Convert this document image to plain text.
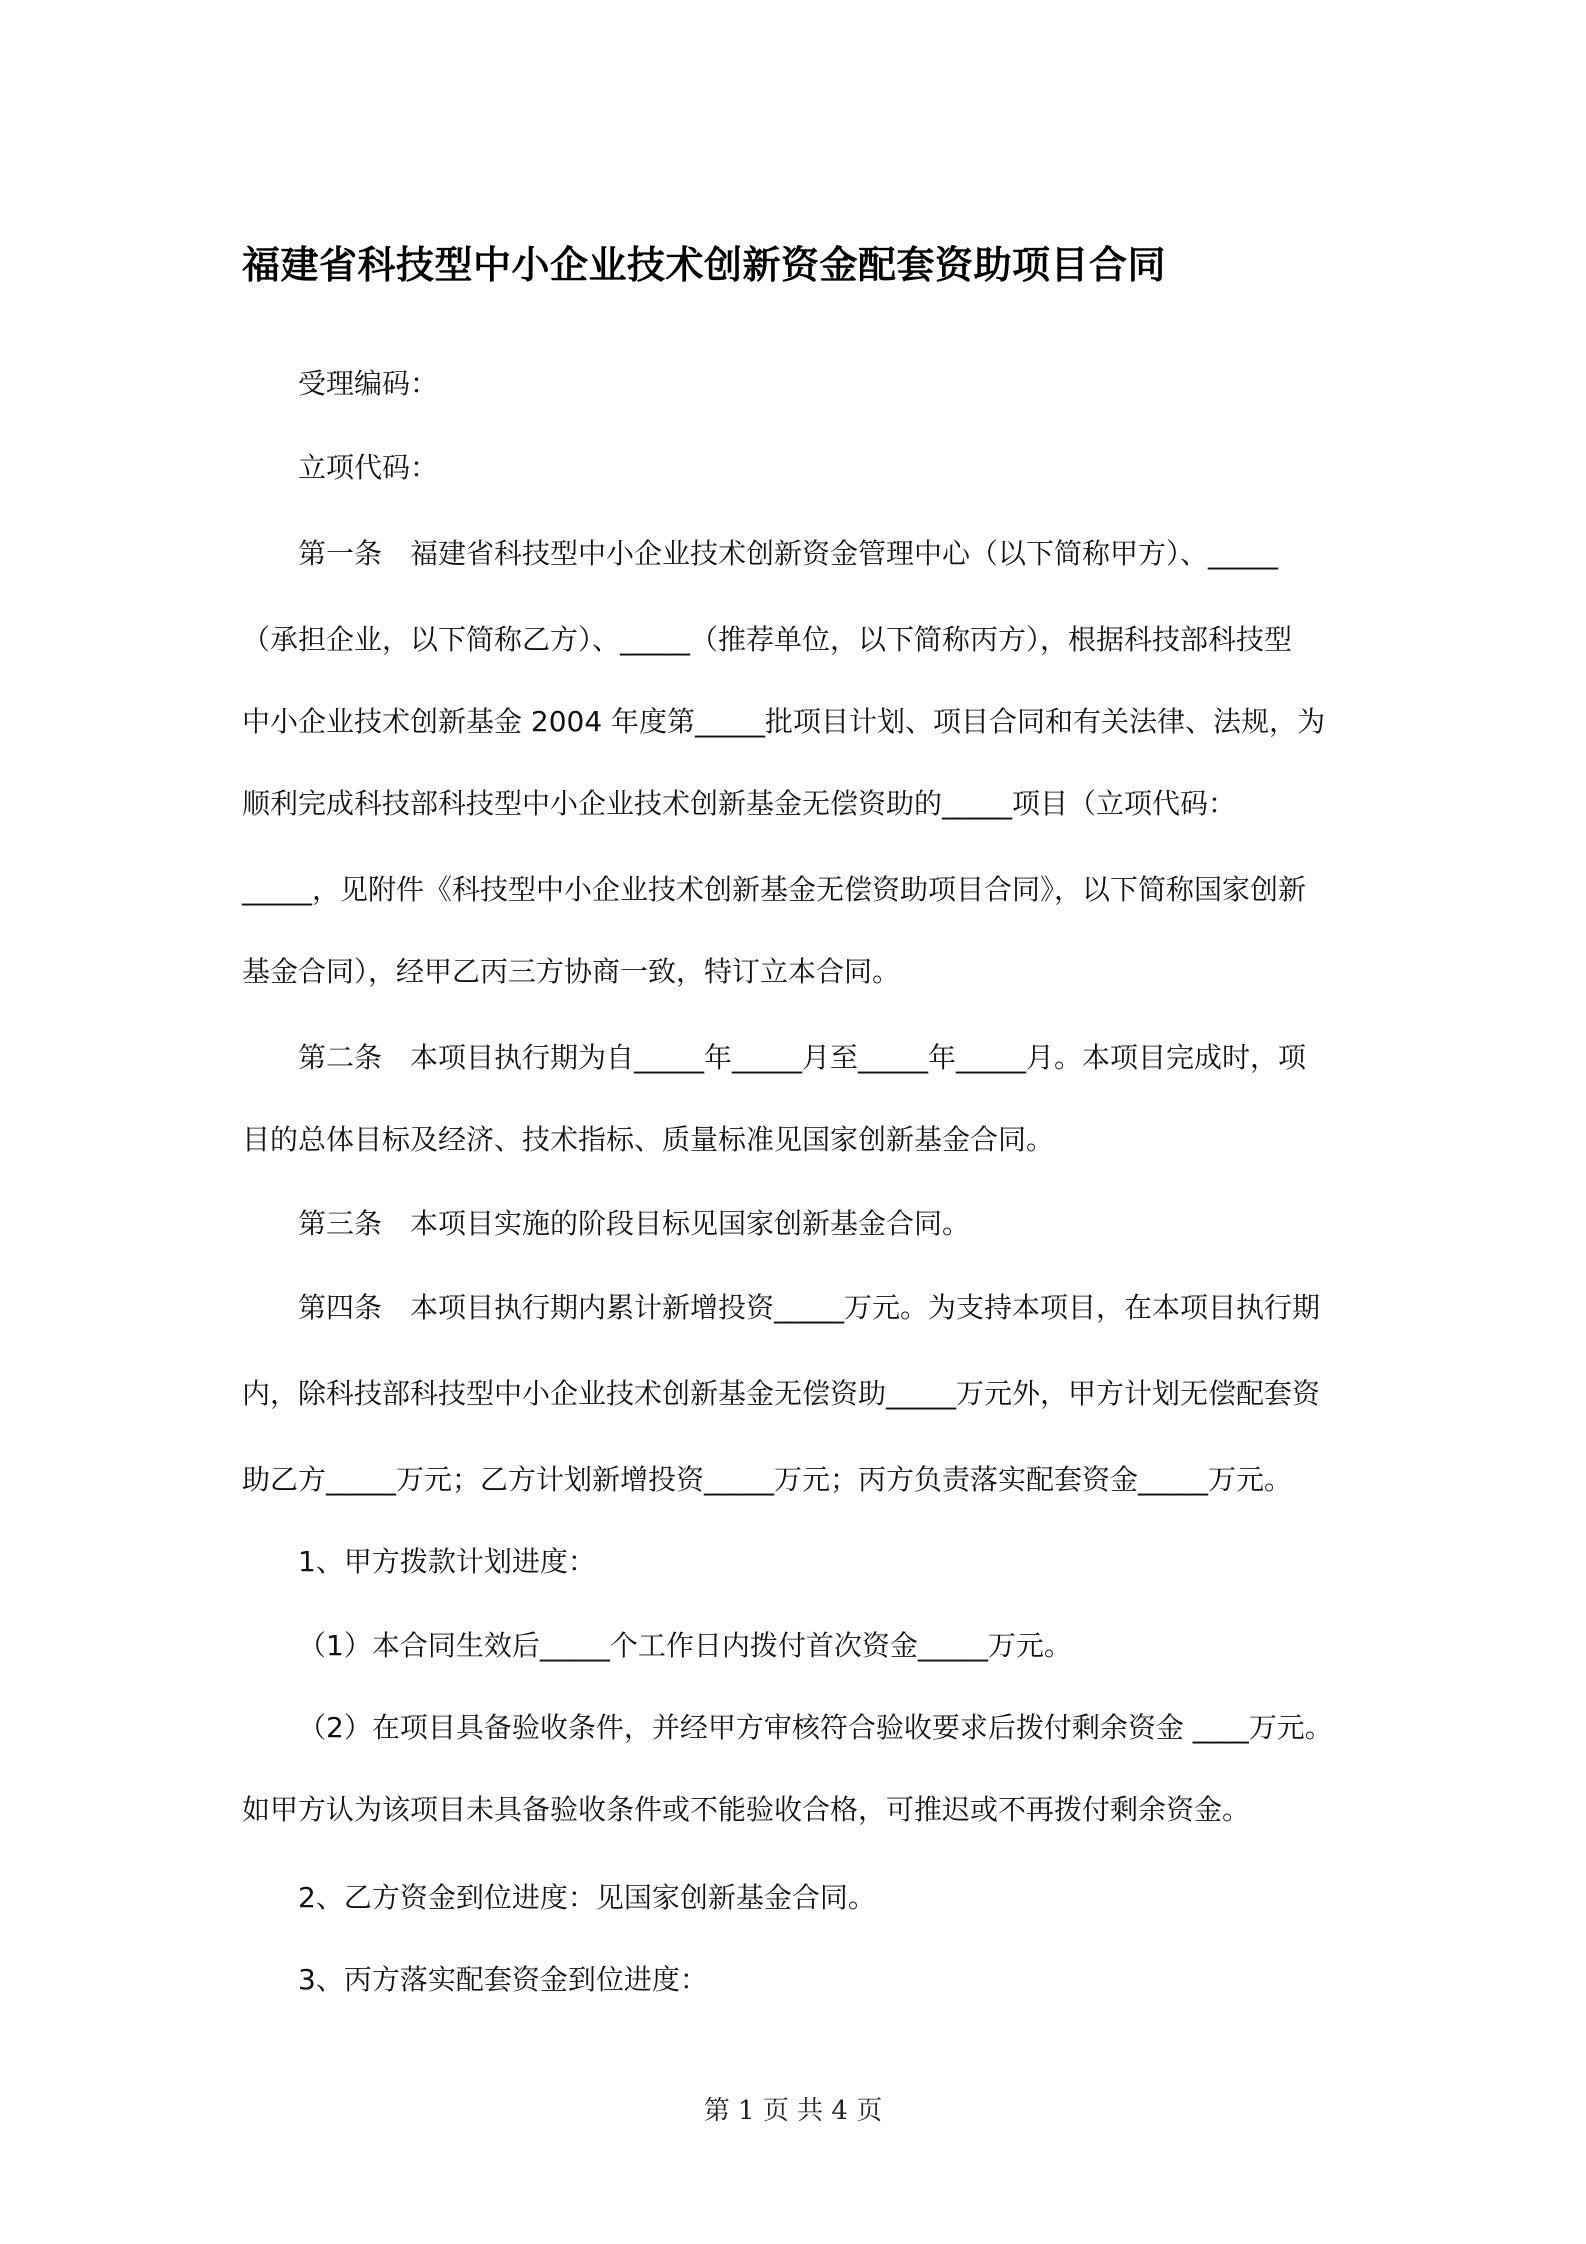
福建省科技型中小企业技术创新资金配套资助项目合同

受理编码：

立项代码：

第一条　福建省科技型中小企业技术创新资金管理中心（以下简称甲方）、_____

（承担企业，以下简称乙方）、_____（推荐单位，以下简称丙方），根据科技部科技型

中小企业技术创新基金 2004 年度第_____批项目计划、项目合同和有关法律、法规，为

顺利完成科技部科技型中小企业技术创新基金无偿资助的_____项目（立项代码：

_____，见附件《科技型中小企业技术创新基金无偿资助项目合同》，以下简称国家创新

基金合同），经甲乙丙三方协商一致，特订立本合同。

第二条　本项目执行期为自_____年_____月至_____年_____月。本项目完成时，项

目的总体目标及经济、技术指标、质量标准见国家创新基金合同。

第三条　本项目实施的阶段目标见国家创新基金合同。

第四条　本项目执行期内累计新增投资_____万元。为支持本项目，在本项目执行期

内，除科技部科技型中小企业技术创新基金无偿资助_____万元外，甲方计划无偿配套资

助乙方_____万元；乙方计划新增投资_____万元；丙方负责落实配套资金_____万元。

1、甲方拨款计划进度：

（1）本合同生效后_____个工作日内拨付首次资金_____万元。

（2）在项目具备验收条件，并经甲方审核符合验收要求后拨付剩余资金 ____万元。

如甲方认为该项目未具备验收条件或不能验收合格，可推迟或不再拨付剩余资金。

2、乙方资金到位进度：见国家创新基金合同。

3、丙方落实配套资金到位进度：

第 1 页 共 4 页
